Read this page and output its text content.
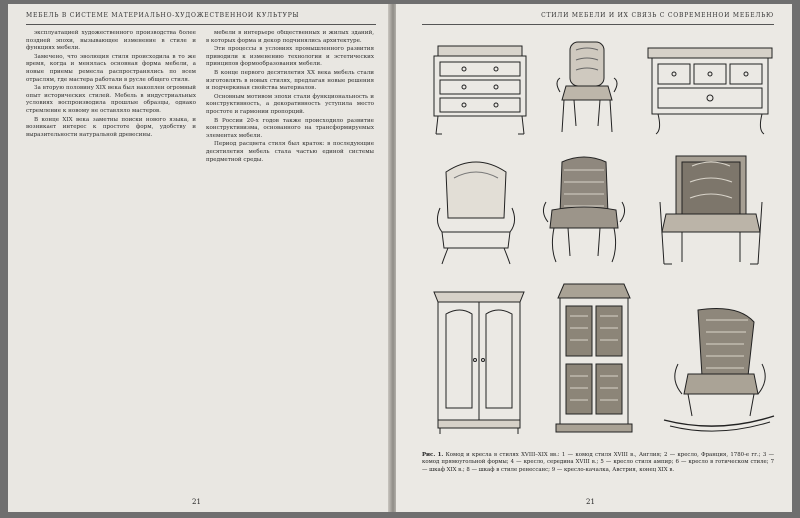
МЕБЕЛЬ В СИСТЕМЕ МАТЕРИАЛЬНО-ХУДОЖЕСТВЕННОЙ КУЛЬТУРЫ

эксплуатацией художественного производства более поздней эпохи, вызывающее изменение в стиле и функциях мебели.

Замечено, что эволюция стиля происходила в то же время, когда и менялась основная форма мебели, а новые приемы ремесла распространялись по всем отраслям, где мастера работали в русле общего стиля.

За вторую половину XIX века был накоплен огромный опыт исторических стилей. Мебель в индустриальных условиях воспроизводила прошлые образцы, однако стремление к новому не оставляло мастеров.

В конце XIX века заметны поиски нового языка, и возникает интерес к простоте форм, удобству и выразительности натуральной древесины.

мебели в интерьере общественных и жилых зданий, в которых форма и декор подчинялись архитектуре.

Эти процессы в условиях промышленного развития приводили к изменению технологии и эстетических принципов формообразования мебели.

В конце первого десятилетия XX века мебель стали изготовлять в новых стилях, предлагая новые решения и подчеркивая свойства материалов.

Основным мотивом эпохи стали функциональность и конструктивность, а декоративность уступила место простоте и гармонии пропорций.

В России 20-х годов также происходило развитие конструктивизма, основанного на трансформируемых элементах мебели.

Период расцвета стиля был краток: в последующие десятилетия мебель стала частью единой системы предметной среды.

21
СТИЛИ МЕБЕЛИ И ИХ СВЯЗЬ С СОВРЕМЕННОЙ МЕБЕЛЬЮ
Рис. 1. Комод и кресла в стилях XVIII–XIX вв.: 1 — комод стиля XVIII в., Англия; 2 — кресло, Франция, 1780-е гг.; 3 — комод прямоугольной формы; 4 — кресло, середина XVIII в.; 5 — кресло стиля ампир; 6 — кресло в готическом стиле; 7 — шкаф XIX в.; 8 — шкаф в стиле ренессанс; 9 — кресло-качалка, Австрия, конец XIX в.
21
